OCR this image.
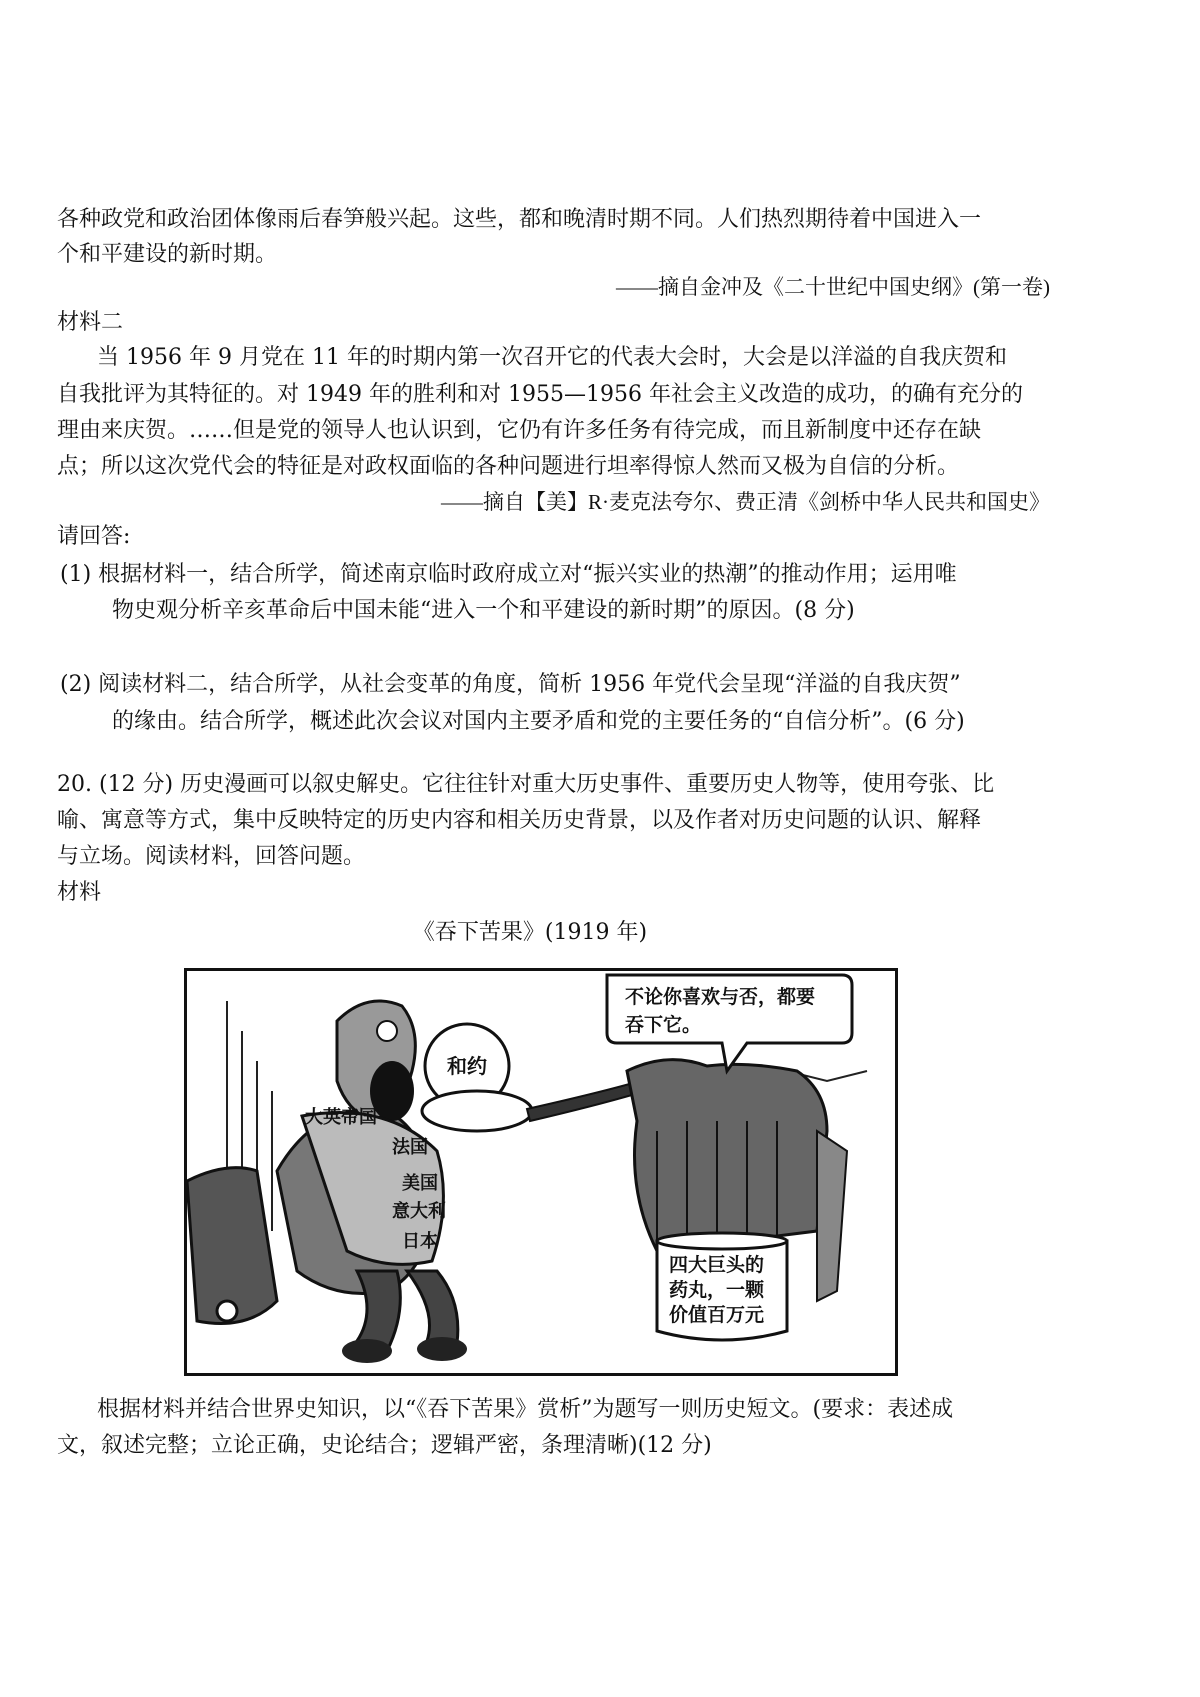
各种政党和政治团体像雨后春笋般兴起。这些，都和晚清时期不同。人们热烈期待着中国进入一
个和平建设的新时期。
——摘自金冲及《二十世纪中国史纲》(第一卷)
材料二
当 1956 年 9 月党在 11 年的时期内第一次召开它的代表大会时，大会是以洋溢的自我庆贺和
自我批评为其特征的。对 1949 年的胜利和对 1955—1956 年社会主义改造的成功，的确有充分的
理由来庆贺。……但是党的领导人也认识到，它仍有许多任务有待完成，而且新制度中还存在缺
点；所以这次党代会的特征是对政权面临的各种问题进行坦率得惊人然而又极为自信的分析。
——摘自【美】R·麦克法夸尔、费正清《剑桥中华人民共和国史》
请回答:
(1) 根据材料一，结合所学，简述南京临时政府成立对“振兴实业的热潮”的推动作用；运用唯
物史观分析辛亥革命后中国未能“进入一个和平建设的新时期”的原因。(8 分)
(2) 阅读材料二，结合所学，从社会变革的角度，简析 1956 年党代会呈现“洋溢的自我庆贺”
的缘由。结合所学，概述此次会议对国内主要矛盾和党的主要任务的“自信分析”。(6 分)
20. (12 分) 历史漫画可以叙史解史。它往往针对重大历史事件、重要历史人物等，使用夸张、比
喻、寓意等方式，集中反映特定的历史内容和相关历史背景，以及作者对历史问题的认识、解释
与立场。阅读材料，回答问题。
材料
《吞下苦果》(1919 年)
大英帝国
法国
美国
意大利
日本
和约
四大巨头的
药丸，一颗
价值百万元
不论你喜欢与否，都要
吞下它。
根据材料并结合世界史知识，以“《吞下苦果》赏析”为题写一则历史短文。(要求：表述成
文，叙述完整；立论正确，史论结合；逻辑严密，条理清晰)(12 分)
